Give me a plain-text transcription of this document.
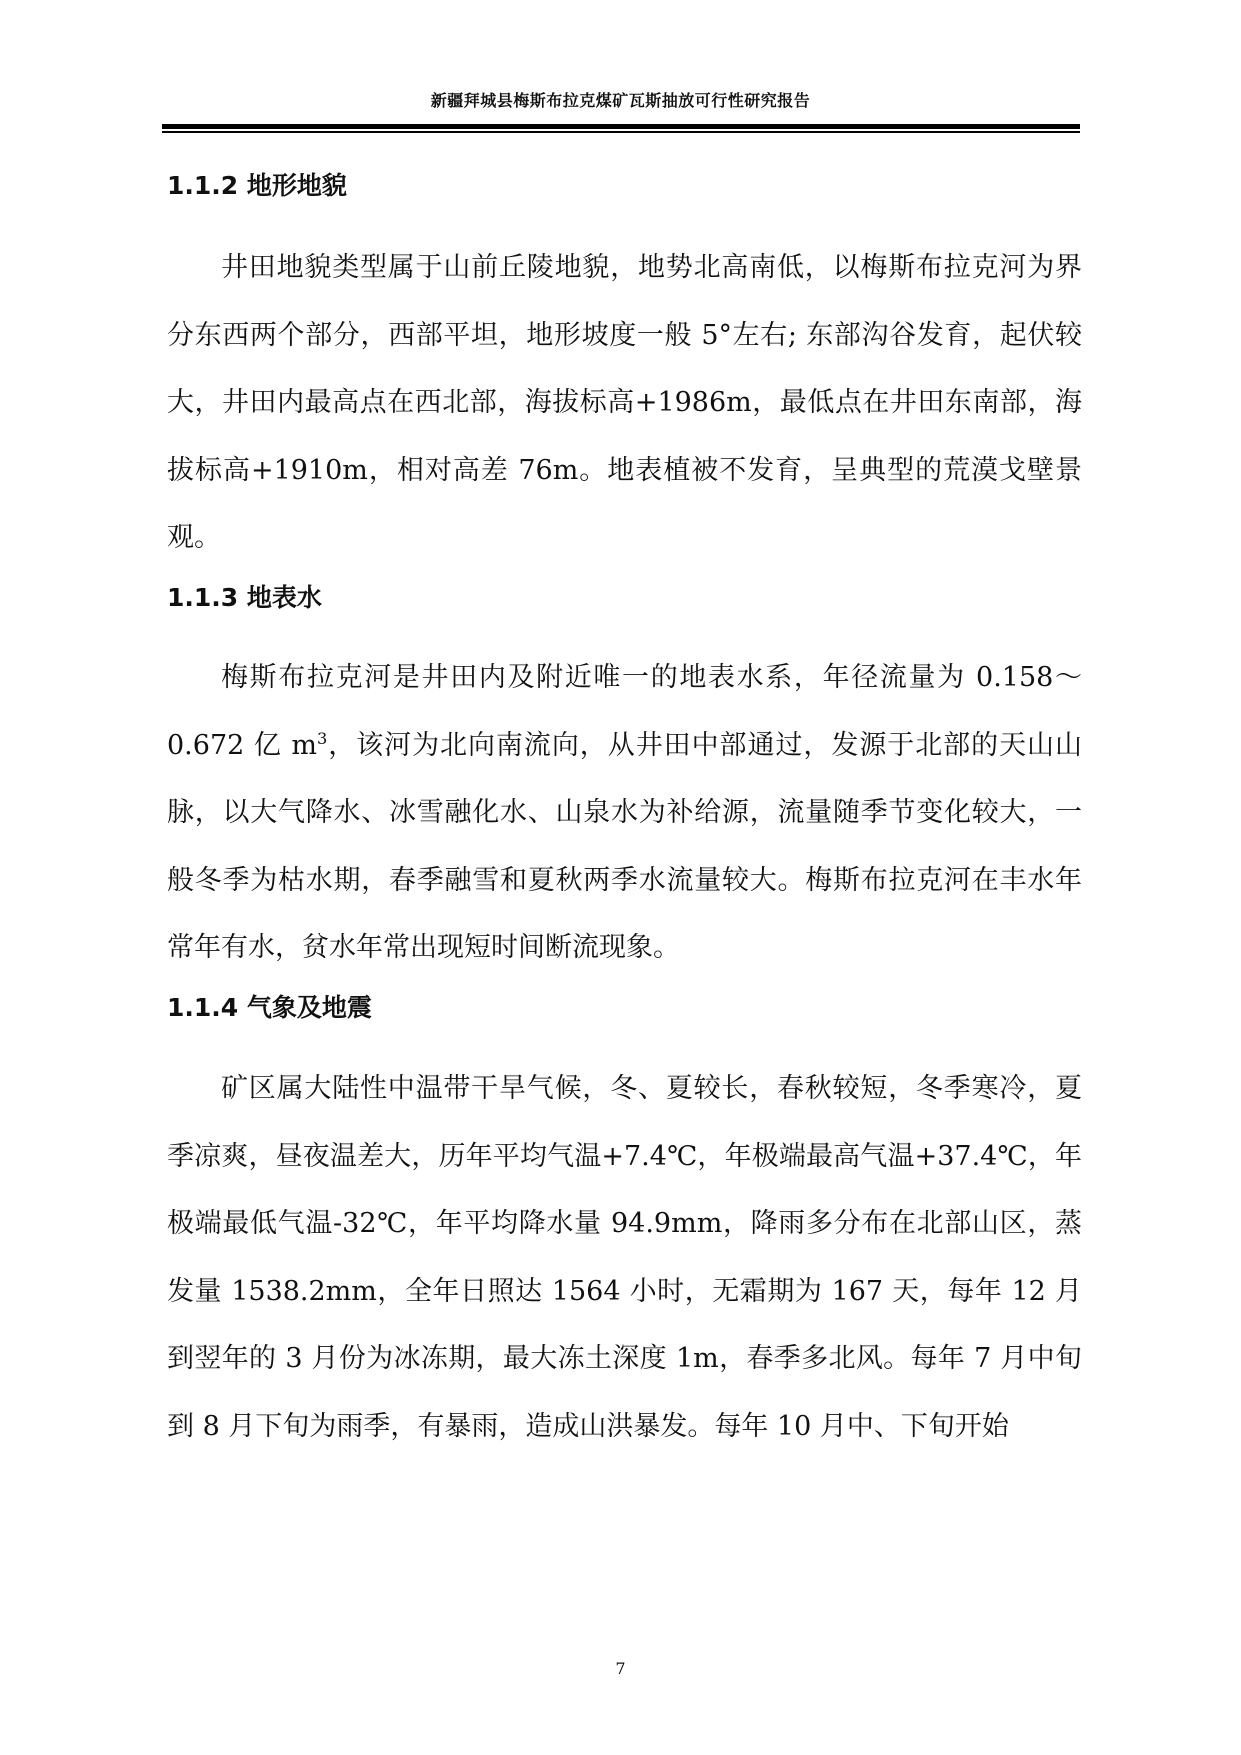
新疆拜城县梅斯布拉克煤矿瓦斯抽放可行性研究报告
1.1.2 地形地貌

井田地貌类型属于山前丘陵地貌，地势北高南低，以梅斯布拉克河为界分东西两个部分，西部平坦，地形坡度一般 5°左右; 东部沟谷发育，起伏较大，井田内最高点在西北部，海拔标高+1986m，最低点在井田东南部，海拔标高+1910m，相对高差 76m。地表植被不发育，呈典型的荒漠戈壁景观。

1.1.3 地表水

梅斯布拉克河是井田内及附近唯一的地表水系，年径流量为 0.158～0.672 亿 $m^3$，该河为北向南流向，从井田中部通过，发源于北部的天山山脉，以大气降水、冰雪融化水、山泉水为补给源，流量随季节变化较大，一般冬季为枯水期，春季融雪和夏秋两季水流量较大。梅斯布拉克河在丰水年常年有水，贫水年常出现短时间断流现象。

1.1.4 气象及地震

矿区属大陆性中温带干旱气候，冬、夏较长，春秋较短，冬季寒冷，夏季凉爽，昼夜温差大，历年平均气温+7.4℃，年极端最高气温+37.4℃，年极端最低气温-32℃，年平均降水量 94.9mm，降雨多分布在北部山区，蒸发量 1538.2mm，全年日照达 1564 小时，无霜期为 167 天，每年 12 月到翌年的 3 月份为冰冻期，最大冻土深度 1m，春季多北风。每年 7 月中旬到 8 月下旬为雨季，有暴雨，造成山洪暴发。每年 10 月中、下旬开始

7
